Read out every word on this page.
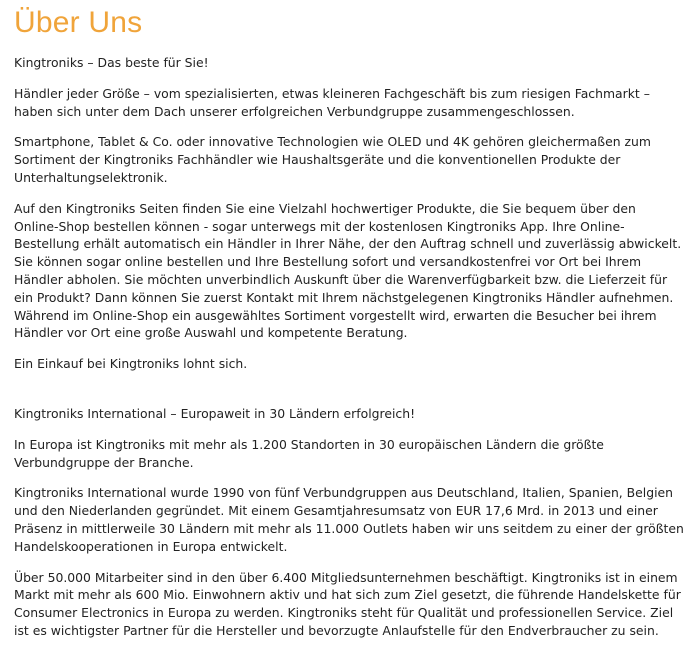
Über Uns

Kingtroniks – Das beste für Sie!

Händler jeder Größe – vom spezialisierten, etwas kleineren Fachgeschäft bis zum riesigen Fachmarkt – haben sich unter dem Dach unserer erfolgreichen Verbundgruppe zusammengeschlossen.

Smartphone, Tablet & Co. oder innovative Technologien wie OLED und 4K gehören gleichermaßen zum Sortiment der Kingtroniks Fachhändler wie Haushaltsgeräte und die konventionellen Produkte der Unterhaltungselektronik.

Auf den Kingtroniks Seiten finden Sie eine Vielzahl hochwertiger Produkte, die Sie bequem über den Online-Shop bestellen können - sogar unterwegs mit der kostenlosen Kingtroniks App. Ihre Online-Bestellung erhält automatisch ein Händler in Ihrer Nähe, der den Auftrag schnell und zuverlässig abwickelt. Sie können sogar online bestellen und Ihre Bestellung sofort und versandkostenfrei vor Ort bei Ihrem Händler abholen. Sie möchten unverbindlich Auskunft über die Warenverfügbarkeit bzw. die Lieferzeit für ein Produkt? Dann können Sie zuerst Kontakt mit Ihrem nächstgelegenen Kingtroniks Händler aufnehmen. Während im Online-Shop ein ausgewähltes Sortiment vorgestellt wird, erwarten die Besucher bei ihrem Händler vor Ort eine große Auswahl und kompetente Beratung.

Ein Einkauf bei Kingtroniks lohnt sich.

Kingtroniks International – Europaweit in 30 Ländern erfolgreich!

In Europa ist Kingtroniks mit mehr als 1.200 Standorten in 30 europäischen Ländern die größte Verbundgruppe der Branche.

Kingtroniks International wurde 1990 von fünf Verbundgruppen aus Deutschland, Italien, Spanien, Belgien und den Niederlanden gegründet. Mit einem Gesamtjahresumsatz von EUR 17,6 Mrd. in 2013 und einer Präsenz in mittlerweile 30 Ländern mit mehr als 11.000 Outlets haben wir uns seitdem zu einer der größten Handelskooperationen in Europa entwickelt.

Über 50.000 Mitarbeiter sind in den über 6.400 Mitgliedsunternehmen beschäftigt. Kingtroniks ist in einem Markt mit mehr als 600 Mio. Einwohnern aktiv und hat sich zum Ziel gesetzt, die führende Handelskette für Consumer Electronics in Europa zu werden. Kingtroniks steht für Qualität und professionellen Service. Ziel ist es wichtigster Partner für die Hersteller und bevorzugte Anlaufstelle für den Endverbraucher zu sein.
